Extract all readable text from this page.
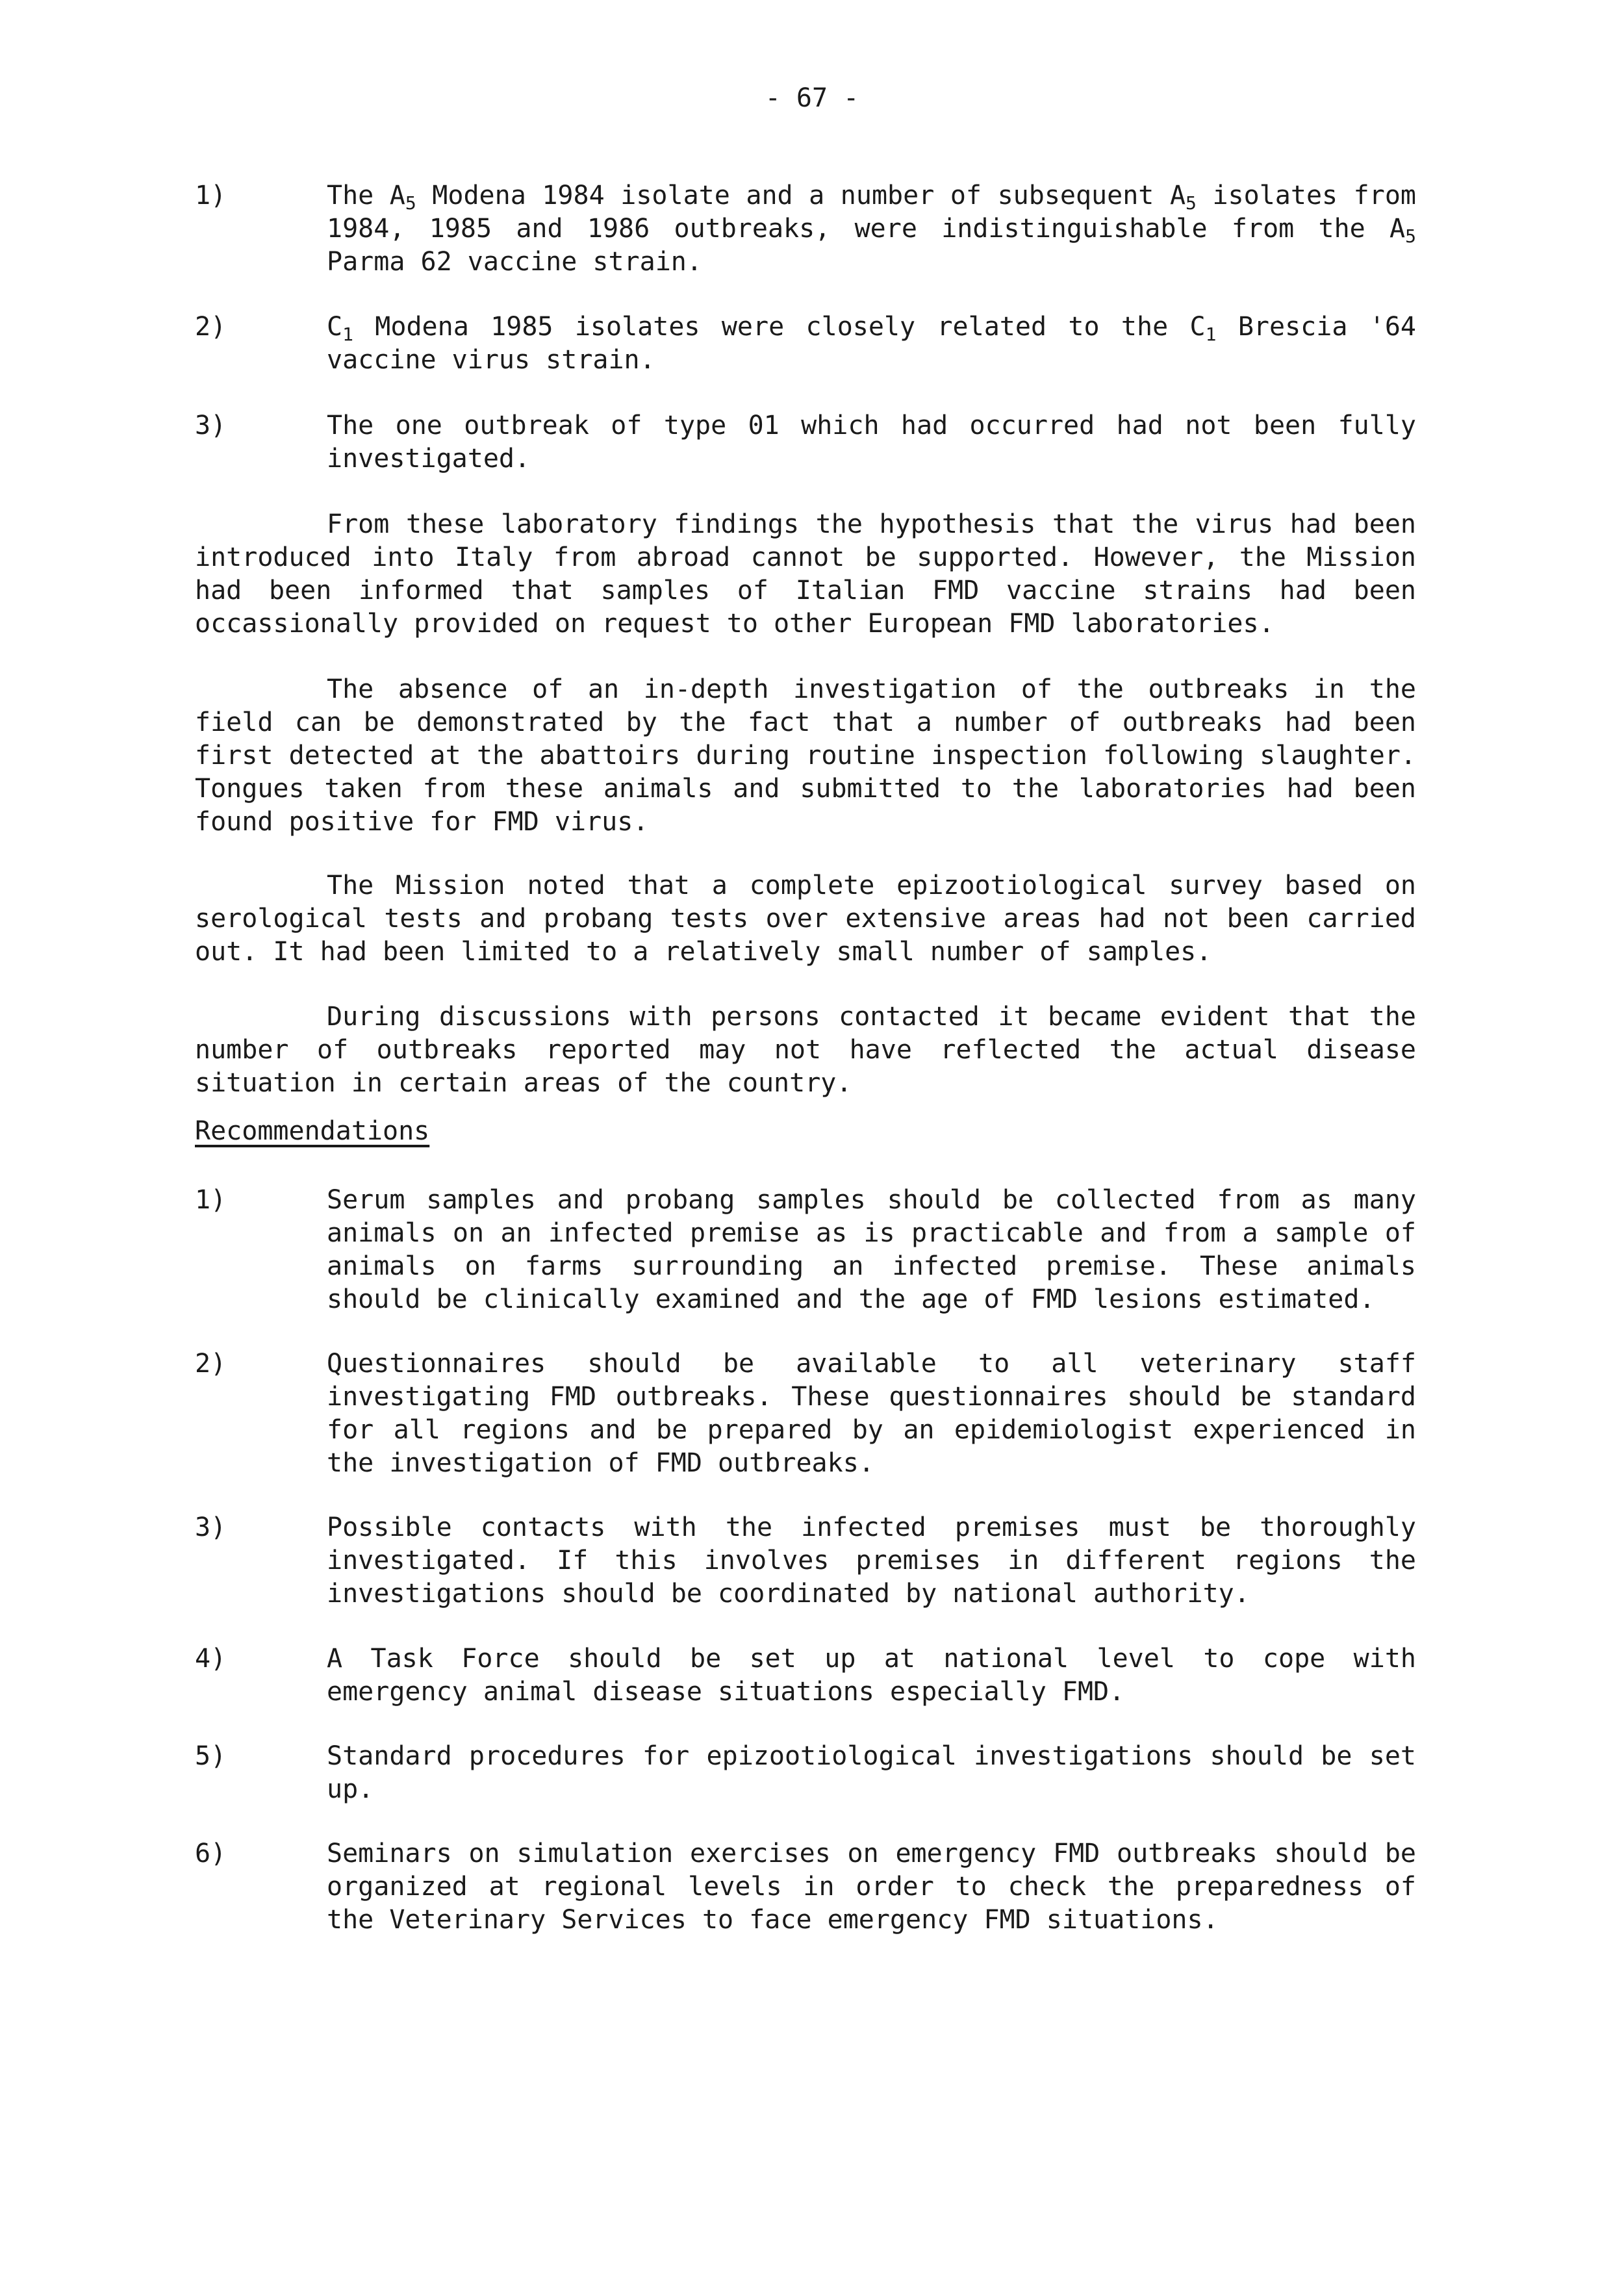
- 67 -
1)	The $A_5$ Modena 1984 isolate and a number of subsequent $A_5$ isolates from 1984, 1985 and 1986 outbreaks, were indistinguishable from the $A_5$ Parma 62 vaccine strain.
2)	$C_1$ Modena 1985 isolates were closely related to the $C_1$ Brescia '64 vaccine virus strain.
3)	The one outbreak of type 01 which had occurred had not been fully investigated.
From these laboratory findings the hypothesis that the virus had been introduced into Italy from abroad cannot be supported. However, the Mission had been informed that samples of Italian FMD vaccine strains had been occassionally provided on request to other European FMD laboratories.
The absence of an in-depth investigation of the outbreaks in the field can be demonstrated by the fact that a number of outbreaks had been first detected at the abattoirs during routine inspection following slaughter. Tongues taken from these animals and submitted to the laboratories had been found positive for FMD virus.
The Mission noted that a complete epizootiological survey based on serological tests and probang tests over extensive areas had not been carried out. It had been limited to a relatively small number of samples.
During discussions with persons contacted it became evident that the number of outbreaks reported may not have reflected the actual disease situation in certain areas of the country.
Recommendations
1)	Serum samples and probang samples should be collected from as many animals on an infected premise as is practicable and from a sample of animals on farms surrounding an infected premise. These animals should be clinically examined and the age of FMD lesions estimated.
2)	Questionnaires should be available to all veterinary staff investigating FMD outbreaks. These questionnaires should be standard for all regions and be prepared by an epidemiologist experienced in the investigation of FMD outbreaks.
3)	Possible contacts with the infected premises must be thoroughly investigated. If this involves premises in different regions the investigations should be coordinated by national authority.
4)	A Task Force should be set up at national level to cope with emergency animal disease situations especially FMD.
5)	Standard procedures for epizootiological investigations should be set up.
6)	Seminars on simulation exercises on emergency FMD outbreaks should be organized at regional levels in order to check the preparedness of the Veterinary Services to face emergency FMD situations.
